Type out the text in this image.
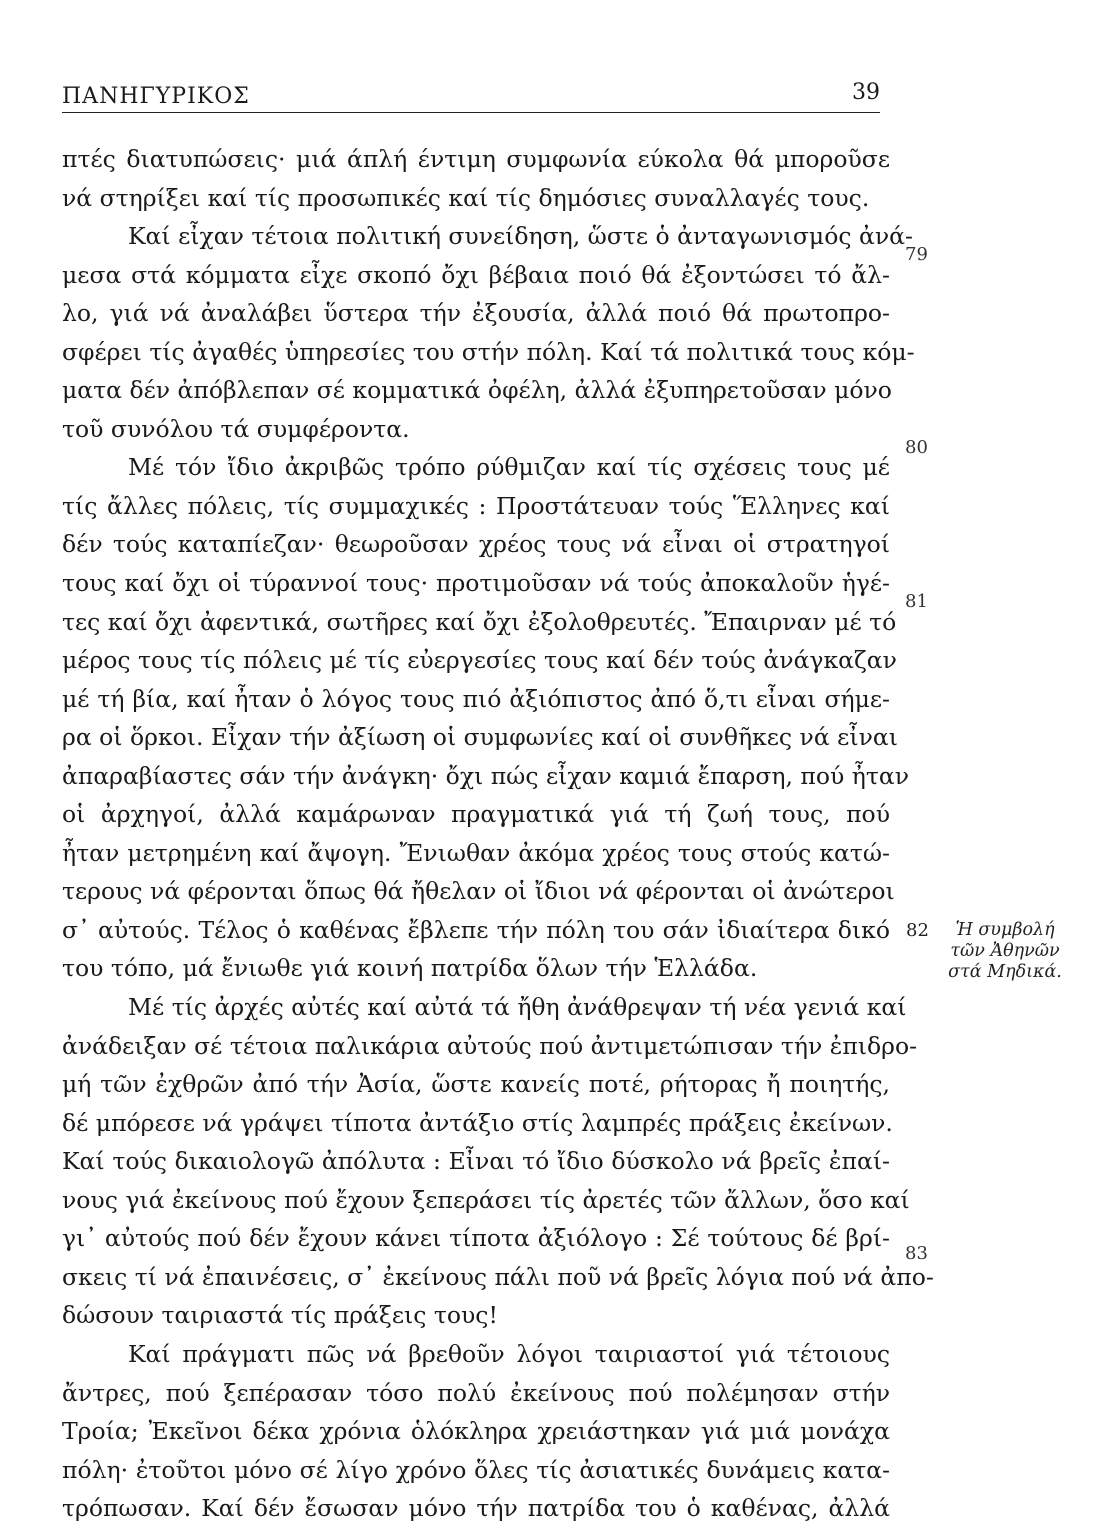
ΠΑΝΗΓΥΡΙΚΟΣ	39
πτές διατυπώσεις· μιά άπλή έντιμη συμφωνία εύκολα θά μποροῦσε
νά στηρίξει καί τίς προσωπικές καί τίς δημόσιες συναλλαγές τους.
Καί εἶχαν τέτοια πολιτική συνείδηση, ὥστε ὁ ἀνταγωνισμός ἀνά-
μεσα στά κόμματα εἶχε σκοπό ὄχι βέβαια ποιό θά ἐξοντώσει τό ἄλ-
λο, γιά νά ἀναλάβει ὕστερα τήν ἐξουσία, ἀλλά ποιό θά πρωτοπρο-
σφέρει τίς ἀγαθές ὑπηρεσίες του στήν πόλη. Καί τά πολιτικά τους κόμ-
ματα δέν ἀπόβλεπαν σέ κομματικά ὀφέλη, ἀλλά ἐξυπηρετοῦσαν μόνο
τοῦ συνόλου τά συμφέροντα.
Μέ τόν ἴδιο ἀκριβῶς τρόπο ρύθμιζαν καί τίς σχέσεις τους μέ
τίς ἄλλες πόλεις, τίς συμμαχικές : Προστάτευαν τούς Ἕλληνες καί
δέν τούς καταπίεζαν· θεωροῦσαν χρέος τους νά εἶναι οἱ στρατηγοί
τους καί ὄχι οἱ τύραννοί τους· προτιμοῦσαν νά τούς ἀποκαλοῦν ἡγέ-
τες καί ὄχι ἀφεντικά, σωτῆρες καί ὄχι ἐξολοθρευτές. Ἔπαιρναν μέ τό
μέρος τους τίς πόλεις μέ τίς εὐεργεσίες τους καί δέν τούς ἀνάγκαζαν
μέ τή βία, καί ἦταν ὁ λόγος τους πιό ἀξιόπιστος ἀπό ὅ,τι εἶναι σήμε-
ρα οἱ ὅρκοι. Εἶχαν τήν ἀξίωση οἱ συμφωνίες καί οἱ συνθῆκες νά εἶναι
ἀπαραβίαστες σάν τήν ἀνάγκη· ὄχι πώς εἶχαν καμιά ἔπαρση, πού ἦταν
οἱ ἀρχηγοί, ἀλλά καμάρωναν πραγματικά γιά τή ζωή τους, πού
ἦταν μετρημένη καί ἄψογη. Ἔνιωθαν ἀκόμα χρέος τους στούς κατώ-
τερους νά φέρονται ὅπως θά ἤθελαν οἱ ἴδιοι νά φέρονται οἱ ἀνώτεροι
σ᾽ αὐτούς. Τέλος ὁ καθένας ἔβλεπε τήν πόλη του σάν ἰδιαίτερα δικό
του τόπο, μά ἔνιωθε γιά κοινή πατρίδα ὅλων τήν Ἑλλάδα.
Μέ τίς ἀρχές αὐτές καί αὐτά τά ἤθη ἀνάθρεψαν τή νέα γενιά καί
ἀνάδειξαν σέ τέτοια παλικάρια αὐτούς πού ἀντιμετώπισαν τήν ἐπιδρο-
μή τῶν ἐχθρῶν ἀπό τήν Ἀσία, ὥστε κανείς ποτέ, ρήτορας ἤ ποιητής,
δέ μπόρεσε νά γράψει τίποτα ἀντάξιο στίς λαμπρές πράξεις ἐκείνων.
Καί τούς δικαιολογῶ ἀπόλυτα : Εἶναι τό ἴδιο δύσκολο νά βρεῖς ἐπαί-
νους γιά ἐκείνους πού ἔχουν ξεπεράσει τίς ἀρετές τῶν ἄλλων, ὅσο καί
γι᾽ αὐτούς πού δέν ἔχουν κάνει τίποτα ἀξιόλογο : Σέ τούτους δέ βρί-
σκεις τί νά ἐπαινέσεις, σ᾽ ἐκείνους πάλι ποῦ νά βρεῖς λόγια πού νά ἀπο-
δώσουν ταιριαστά τίς πράξεις τους!
Καί πράγματι πῶς νά βρεθοῦν λόγοι ταιριαστοί γιά τέτοιους
ἄντρες, πού ξεπέρασαν τόσο πολύ ἐκείνους πού πολέμησαν στήν
Τροία; Ἐκεῖνοι δέκα χρόνια ὁλόκληρα χρειάστηκαν γιά μιά μονάχα
πόλη· ἐτοῦτοι μόνο σέ λίγο χρόνο ὅλες τίς ἀσιατικές δυνάμεις κατα-
τρόπωσαν. Καί δέν ἔσωσαν μόνο τήν πατρίδα του ὁ καθένας, ἀλλά
79
80
81
83
82	Ἡ συμβολή
τῶν Ἀθηνῶν
στά Μηδικά.
